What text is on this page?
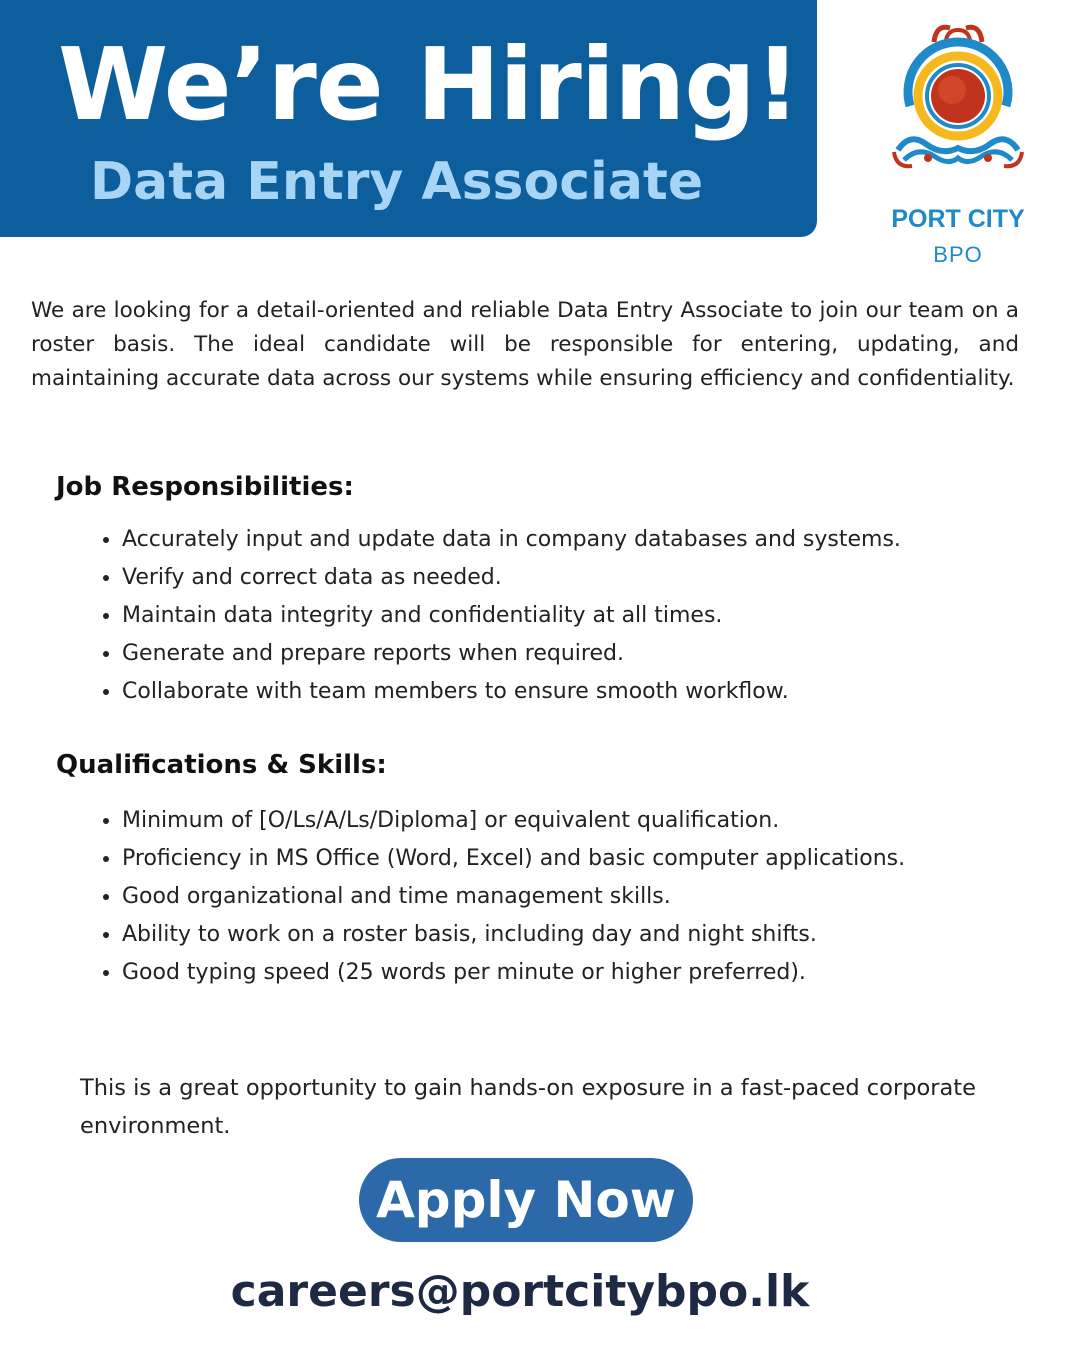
We’re Hiring!
Data Entry Associate
PORT CITY
BPO

We are looking for a detail-oriented and reliable Data Entry Associate to join our team on a roster basis. The ideal candidate will be responsible for entering, updating, and maintaining accurate data across our systems while ensuring efficiency and confidentiality.

Job Responsibilities:
• Accurately input and update data in company databases and systems.
• Verify and correct data as needed.
• Maintain data integrity and confidentiality at all times.
• Generate and prepare reports when required.
• Collaborate with team members to ensure smooth workflow.
Qualifications & Skills:
• Minimum of [O/Ls/A/Ls/Diploma] or equivalent qualification.
• Proficiency in MS Office (Word, Excel) and basic computer applications.
• Good organizational and time management skills.
• Ability to work on a roster basis, including day and night shifts.
• Good typing speed (25 words per minute or higher preferred).

This is a great opportunity to gain hands-on exposure in a fast-paced corporate environment.

Apply Now
careers@portcitybpo.lk
